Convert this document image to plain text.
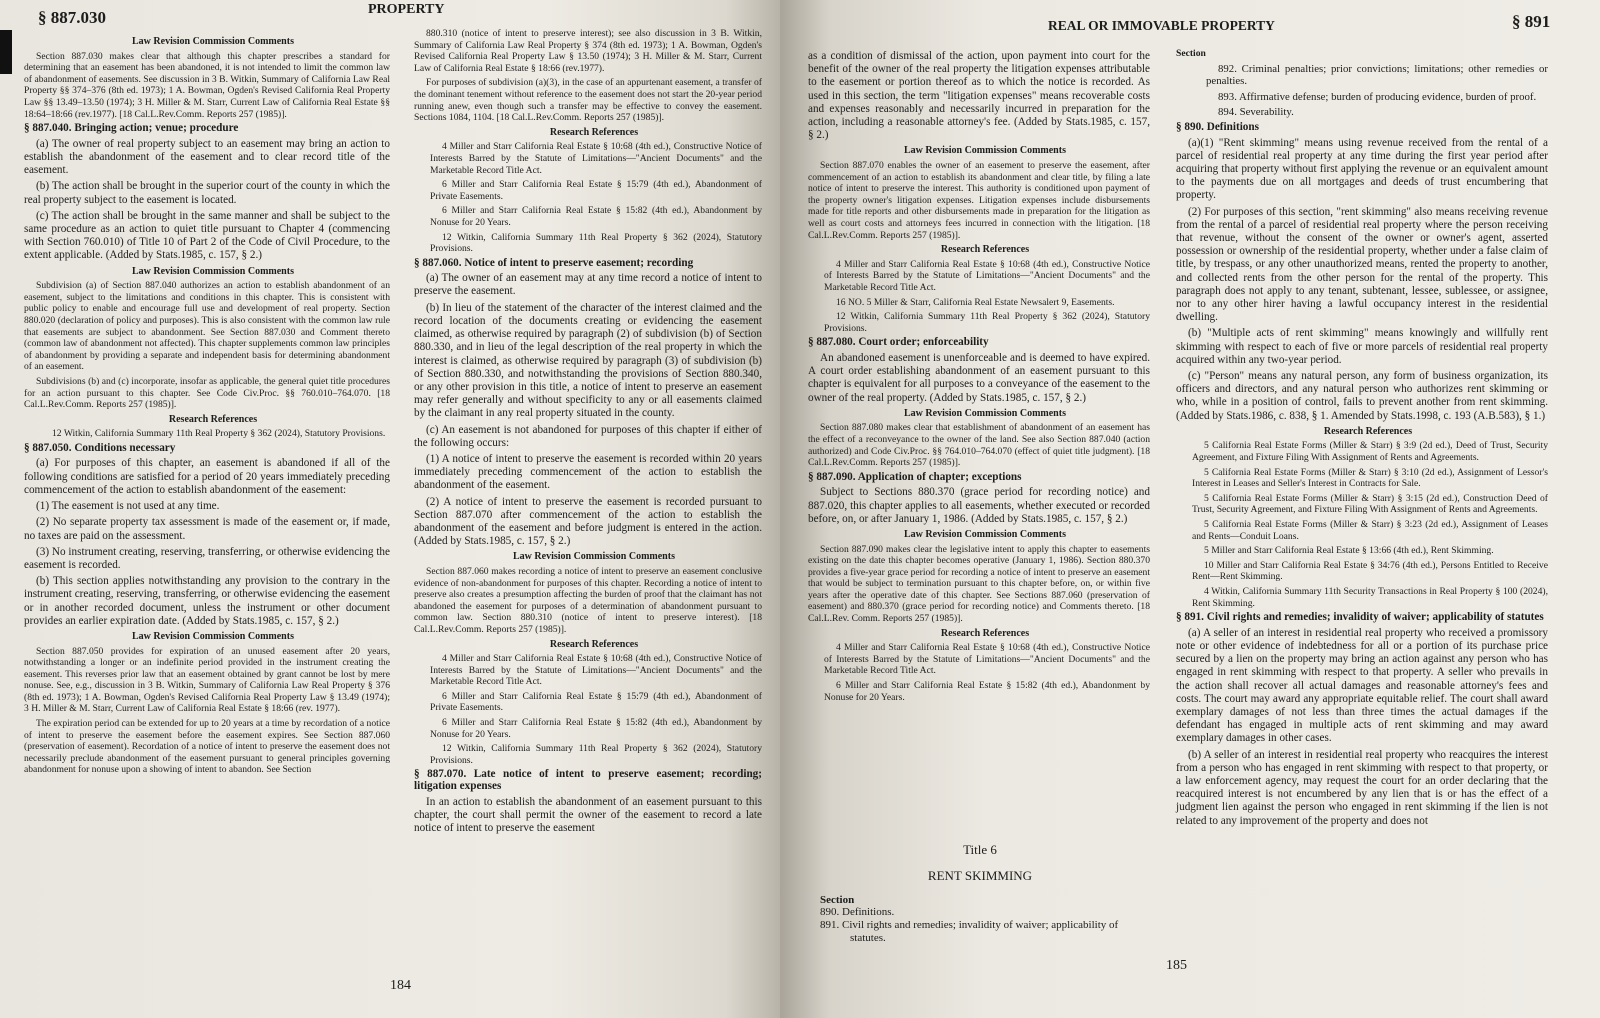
§ 887.030	PROPERTY

Law Revision Commission Comments

Section 887.030 makes clear that although this chapter prescribes a standard for determining that an easement has been abandoned, it is not intended to limit the common law of abandonment of easements. See discussion in 3 B. Witkin, Summary of California Law Real Property §§ 374–376 (8th ed. 1973); 1 A. Bowman, Ogden's Revised California Real Property Law §§ 13.49–13.50 (1974); 3 H. Miller & M. Starr, Current Law of California Real Estate §§ 18:64–18:66 (rev.1977). [18 Cal.L.Rev.Comm. Reports 257 (1985)].

§ 887.040. Bringing action; venue; procedure

(a) The owner of real property subject to an easement may bring an action to establish the abandonment of the easement and to clear record title of the easement.

(b) The action shall be brought in the superior court of the county in which the real property subject to the easement is located.

(c) The action shall be brought in the same manner and shall be subject to the same procedure as an action to quiet title pursuant to Chapter 4 (commencing with Section 760.010) of Title 10 of Part 2 of the Code of Civil Procedure, to the extent applicable. (Added by Stats.1985, c. 157, § 2.)

Law Revision Commission Comments

Subdivision (a) of Section 887.040 authorizes an action to establish abandonment of an easement, subject to the limitations and conditions in this chapter. This is consistent with public policy to enable and encourage full use and development of real property. Section 880.020 (declaration of policy and purposes). This is also consistent with the common law rule that easements are subject to abandonment. See Section 887.030 and Comment thereto (common law of abandonment not affected). This chapter supplements common law principles of abandonment by providing a separate and independent basis for determining abandonment of an easement.

Subdivisions (b) and (c) incorporate, insofar as applicable, the general quiet title procedures for an action pursuant to this chapter. See Code Civ.Proc. §§ 760.010–764.070. [18 Cal.L.Rev.Comm. Reports 257 (1985)].

Research References

12 Witkin, California Summary 11th Real Property § 362 (2024), Statutory Provisions.

§ 887.050. Conditions necessary

(a) For purposes of this chapter, an easement is abandoned if all of the following conditions are satisfied for a period of 20 years immediately preceding commencement of the action to establish abandonment of the easement:

(1) The easement is not used at any time.

(2) No separate property tax assessment is made of the easement or, if made, no taxes are paid on the assessment.

(3) No instrument creating, reserving, transferring, or otherwise evidencing the easement is recorded.

(b) This section applies notwithstanding any provision to the contrary in the instrument creating, reserving, transferring, or otherwise evidencing the easement or in another recorded document, unless the instrument or other document provides an earlier expiration date. (Added by Stats.1985, c. 157, § 2.)

Law Revision Commission Comments

Section 887.050 provides for expiration of an unused easement after 20 years, notwithstanding a longer or an indefinite period provided in the instrument creating the easement. This reverses prior law that an easement obtained by grant cannot be lost by mere nonuse. See, e.g., discussion in 3 B. Witkin, Summary of California Law Real Property § 376 (8th ed. 1973); 1 A. Bowman, Ogden's Revised California Real Property Law § 13.49 (1974); 3 H. Miller & M. Starr, Current Law of California Real Estate § 18:66 (rev. 1977).

The expiration period can be extended for up to 20 years at a time by recordation of a notice of intent to preserve the easement before the easement expires. See Section 887.060 (preservation of easement). Recordation of a notice of intent to preserve the easement does not necessarily preclude abandonment of the easement pursuant to general principles governing abandonment for nonuse upon a showing of intent to abandon. See Section

880.310 (notice of intent to preserve interest); see also discussion in 3 B. Witkin, Summary of California Law Real Property § 374 (8th ed. 1973); 1 A. Bowman, Ogden's Revised California Real Property Law § 13.50 (1974); 3 H. Miller & M. Starr, Current Law of California Real Estate § 18:66 (rev.1977).

For purposes of subdivision (a)(3), in the case of an appurtenant easement, a transfer of the dominant tenement without reference to the easement does not start the 20-year period running anew, even though such a transfer may be effective to convey the easement. Sections 1084, 1104. [18 Cal.L.Rev.Comm. Reports 257 (1985)].

Research References

4 Miller and Starr California Real Estate § 10:68 (4th ed.), Constructive Notice of Interests Barred by the Statute of Limitations—"Ancient Documents" and the Marketable Record Title Act.

6 Miller and Starr California Real Estate § 15:79 (4th ed.), Abandonment of Private Easements.

6 Miller and Starr California Real Estate § 15:82 (4th ed.), Abandonment by Nonuse for 20 Years.

12 Witkin, California Summary 11th Real Property § 362 (2024), Statutory Provisions.

§ 887.060. Notice of intent to preserve easement; recording

(a) The owner of an easement may at any time record a notice of intent to preserve the easement.

(b) In lieu of the statement of the character of the interest claimed and the record location of the documents creating or evidencing the easement claimed, as otherwise required by paragraph (2) of subdivision (b) of Section 880.330, and in lieu of the legal description of the real property in which the interest is claimed, as otherwise required by paragraph (3) of subdivision (b) of Section 880.330, and notwithstanding the provisions of Section 880.340, or any other provision in this title, a notice of intent to preserve an easement may refer generally and without specificity to any or all easements claimed by the claimant in any real property situated in the county.

(c) An easement is not abandoned for purposes of this chapter if either of the following occurs:

(1) A notice of intent to preserve the easement is recorded within 20 years immediately preceding commencement of the action to establish the abandonment of the easement.

(2) A notice of intent to preserve the easement is recorded pursuant to Section 887.070 after commencement of the action to establish the abandonment of the easement and before judgment is entered in the action. (Added by Stats.1985, c. 157, § 2.)

Law Revision Commission Comments

Section 887.060 makes recording a notice of intent to preserve an easement conclusive evidence of non-abandonment for purposes of this chapter. Recording a notice of intent to preserve also creates a presumption affecting the burden of proof that the claimant has not abandoned the easement for purposes of a determination of abandonment pursuant to common law. Section 880.310 (notice of intent to preserve interest). [18 Cal.L.Rev.Comm. Reports 257 (1985)].

Research References

4 Miller and Starr California Real Estate § 10:68 (4th ed.), Constructive Notice of Interests Barred by the Statute of Limitations—"Ancient Documents" and the Marketable Record Title Act.

6 Miller and Starr California Real Estate § 15:79 (4th ed.), Abandonment of Private Easements.

6 Miller and Starr California Real Estate § 15:82 (4th ed.), Abandonment by Nonuse for 20 Years.

12 Witkin, California Summary 11th Real Property § 362 (2024), Statutory Provisions.

§ 887.070. Late notice of intent to preserve easement; recording; litigation expenses

In an action to establish the abandonment of an easement pursuant to this chapter, the court shall permit the owner of the easement to record a late notice of intent to preserve the easement

184
REAL OR IMMOVABLE PROPERTY	§ 891

as a condition of dismissal of the action, upon payment into court for the benefit of the owner of the real property the litigation expenses attributable to the easement or portion thereof as to which the notice is recorded. As used in this section, the term "litigation expenses" means recoverable costs and expenses reasonably and necessarily incurred in preparation for the action, including a reasonable attorney's fee. (Added by Stats.1985, c. 157, § 2.)

Law Revision Commission Comments

Section 887.070 enables the owner of an easement to preserve the easement, after commencement of an action to establish its abandonment and clear title, by filing a late notice of intent to preserve the interest. This authority is conditioned upon payment of the property owner's litigation expenses. Litigation expenses include disbursements made for title reports and other disbursements made in preparation for the litigation as well as court costs and attorneys fees incurred in connection with the litigation. [18 Cal.L.Rev.Comm. Reports 257 (1985)].

Research References

4 Miller and Starr California Real Estate § 10:68 (4th ed.), Constructive Notice of Interests Barred by the Statute of Limitations—"Ancient Documents" and the Marketable Record Title Act.

16 NO. 5 Miller & Starr, California Real Estate Newsalert 9, Easements.

12 Witkin, California Summary 11th Real Property § 362 (2024), Statutory Provisions.

§ 887.080. Court order; enforceability

An abandoned easement is unenforceable and is deemed to have expired. A court order establishing abandonment of an easement pursuant to this chapter is equivalent for all purposes to a conveyance of the easement to the owner of the real property. (Added by Stats.1985, c. 157, § 2.)

Law Revision Commission Comments

Section 887.080 makes clear that establishment of abandonment of an easement has the effect of a reconveyance to the owner of the land. See also Section 887.040 (action authorized) and Code Civ.Proc. §§ 764.010–764.070 (effect of quiet title judgment). [18 Cal.L.Rev.Comm. Reports 257 (1985)].

§ 887.090. Application of chapter; exceptions

Subject to Sections 880.370 (grace period for recording notice) and 887.020, this chapter applies to all easements, whether executed or recorded before, on, or after January 1, 1986. (Added by Stats.1985, c. 157, § 2.)

Law Revision Commission Comments

Section 887.090 makes clear the legislative intent to apply this chapter to easements existing on the date this chapter becomes operative (January 1, 1986). Section 880.370 provides a five-year grace period for recording a notice of intent to preserve an easement that would be subject to termination pursuant to this chapter before, on, or within five years after the operative date of this chapter. See Sections 887.060 (preservation of easement) and 880.370 (grace period for recording notice) and Comments thereto. [18 Cal.L.Rev. Comm. Reports 257 (1985)].

Research References

4 Miller and Starr California Real Estate § 10:68 (4th ed.), Constructive Notice of Interests Barred by the Statute of Limitations—"Ancient Documents" and the Marketable Record Title Act.

6 Miller and Starr California Real Estate § 15:82 (4th ed.), Abandonment by Nonuse for 20 Years.

Title 6
RENT SKIMMING
Section
890. Definitions.
891. Civil rights and remedies; invalidity of waiver; applicability of statutes.

Section

892. Criminal penalties; prior convictions; limitations; other remedies or penalties.

893. Affirmative defense; burden of producing evidence, burden of proof.

894. Severability.

§ 890. Definitions

(a)(1) "Rent skimming" means using revenue received from the rental of a parcel of residential real property at any time during the first year period after acquiring that property without first applying the revenue or an equivalent amount to the payments due on all mortgages and deeds of trust encumbering that property.

(2) For purposes of this section, "rent skimming" also means receiving revenue from the rental of a parcel of residential real property where the person receiving that revenue, without the consent of the owner or owner's agent, asserted possession or ownership of the residential property, whether under a false claim of title, by trespass, or any other unauthorized means, rented the property to another, and collected rents from the other person for the rental of the property. This paragraph does not apply to any tenant, subtenant, lessee, sublessee, or assignee, nor to any other hirer having a lawful occupancy interest in the residential dwelling.

(b) "Multiple acts of rent skimming" means knowingly and willfully rent skimming with respect to each of five or more parcels of residential real property acquired within any two-year period.

(c) "Person" means any natural person, any form of business organization, its officers and directors, and any natural person who authorizes rent skimming or who, while in a position of control, fails to prevent another from rent skimming. (Added by Stats.1986, c. 838, § 1. Amended by Stats.1998, c. 193 (A.B.583), § 1.)

Research References

5 California Real Estate Forms (Miller & Starr) § 3:9 (2d ed.), Deed of Trust, Security Agreement, and Fixture Filing With Assignment of Rents and Agreements.

5 California Real Estate Forms (Miller & Starr) § 3:10 (2d ed.), Assignment of Lessor's Interest in Leases and Seller's Interest in Contracts for Sale.

5 California Real Estate Forms (Miller & Starr) § 3:15 (2d ed.), Construction Deed of Trust, Security Agreement, and Fixture Filing With Assignment of Rents and Agreements.

5 California Real Estate Forms (Miller & Starr) § 3:23 (2d ed.), Assignment of Leases and Rents—Conduit Loans.

5 Miller and Starr California Real Estate § 13:66 (4th ed.), Rent Skimming.

10 Miller and Starr California Real Estate § 34:76 (4th ed.), Persons Entitled to Receive Rent—Rent Skimming.

4 Witkin, California Summary 11th Security Transactions in Real Property § 100 (2024), Rent Skimming.

§ 891. Civil rights and remedies; invalidity of waiver; applicability of statutes

(a) A seller of an interest in residential real property who received a promissory note or other evidence of indebtedness for all or a portion of its purchase price secured by a lien on the property may bring an action against any person who has engaged in rent skimming with respect to that property. A seller who prevails in the action shall recover all actual damages and reasonable attorney's fees and costs. The court may award any appropriate equitable relief. The court shall award exemplary damages of not less than three times the actual damages if the defendant has engaged in multiple acts of rent skimming and may award exemplary damages in other cases.

(b) A seller of an interest in residential real property who reacquires the interest from a person who has engaged in rent skimming with respect to that property, or a law enforcement agency, may request the court for an order declaring that the reacquired interest is not encumbered by any lien that is or has the effect of a judgment lien against the person who engaged in rent skimming if the lien is not related to any improvement of the property and does not

185
